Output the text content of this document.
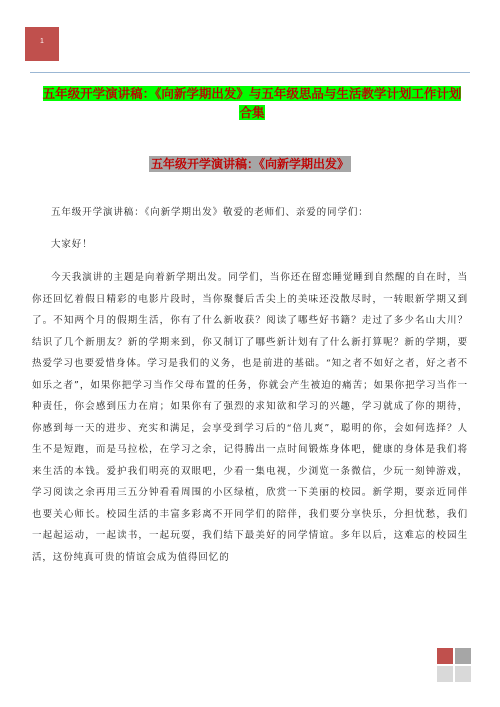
1
五年级开学演讲稿：《向新学期出发》与五年级思品与生活教学计划工作计划合集
五年级开学演讲稿：《向新学期出发》

五年级开学演讲稿：《向新学期出发》敬爱的老师们、亲爱的同学们：

大家好！

今天我演讲的主题是向着新学期出发。同学们，当你还在留恋睡觉睡到自然醒的自在时，当你还回忆着假日精彩的电影片段时，当你聚餐后舌尖上的美味还没散尽时，一转眼新学期又到了。不知两个月的假期生活，你有了什么新收获？阅读了哪些好书籍？走过了多少名山大川？结识了几个新朋友？新的学期来到，你又制订了哪些新计划有了什么新打算呢？新的学期，要热爱学习也要爱惜身体。学习是我们的义务，也是前进的基础。“知之者不如好之者，好之者不如乐之者”，如果你把学习当作父母布置的任务，你就会产生被迫的痛苦；如果你把学习当作一种责任，你会感到压力在肩；如果你有了强烈的求知欲和学习的兴趣，学习就成了你的期待，你感到每一天的进步、充实和满足，会享受到学习后的“倍儿爽”，聪明的你，会如何选择？人生不是短跑，而是马拉松，在学习之余，记得腾出一点时间锻炼身体吧，健康的身体是我们将来生活的本钱。爱护我们明亮的双眼吧，少看一集电视，少浏览一条微信，少玩一刻钟游戏，学习阅读之余再用三五分钟看看周围的小区绿植，欣赏一下美丽的校园。新学期，要亲近同伴也要关心师长。校园生活的丰富多彩离不开同学们的陪伴，我们要分享快乐，分担忧愁，我们一起起运动，一起读书，一起玩耍，我们结下最美好的同学情谊。多年以后，这难忘的校园生活，这份纯真可贵的情谊会成为值得回忆的
